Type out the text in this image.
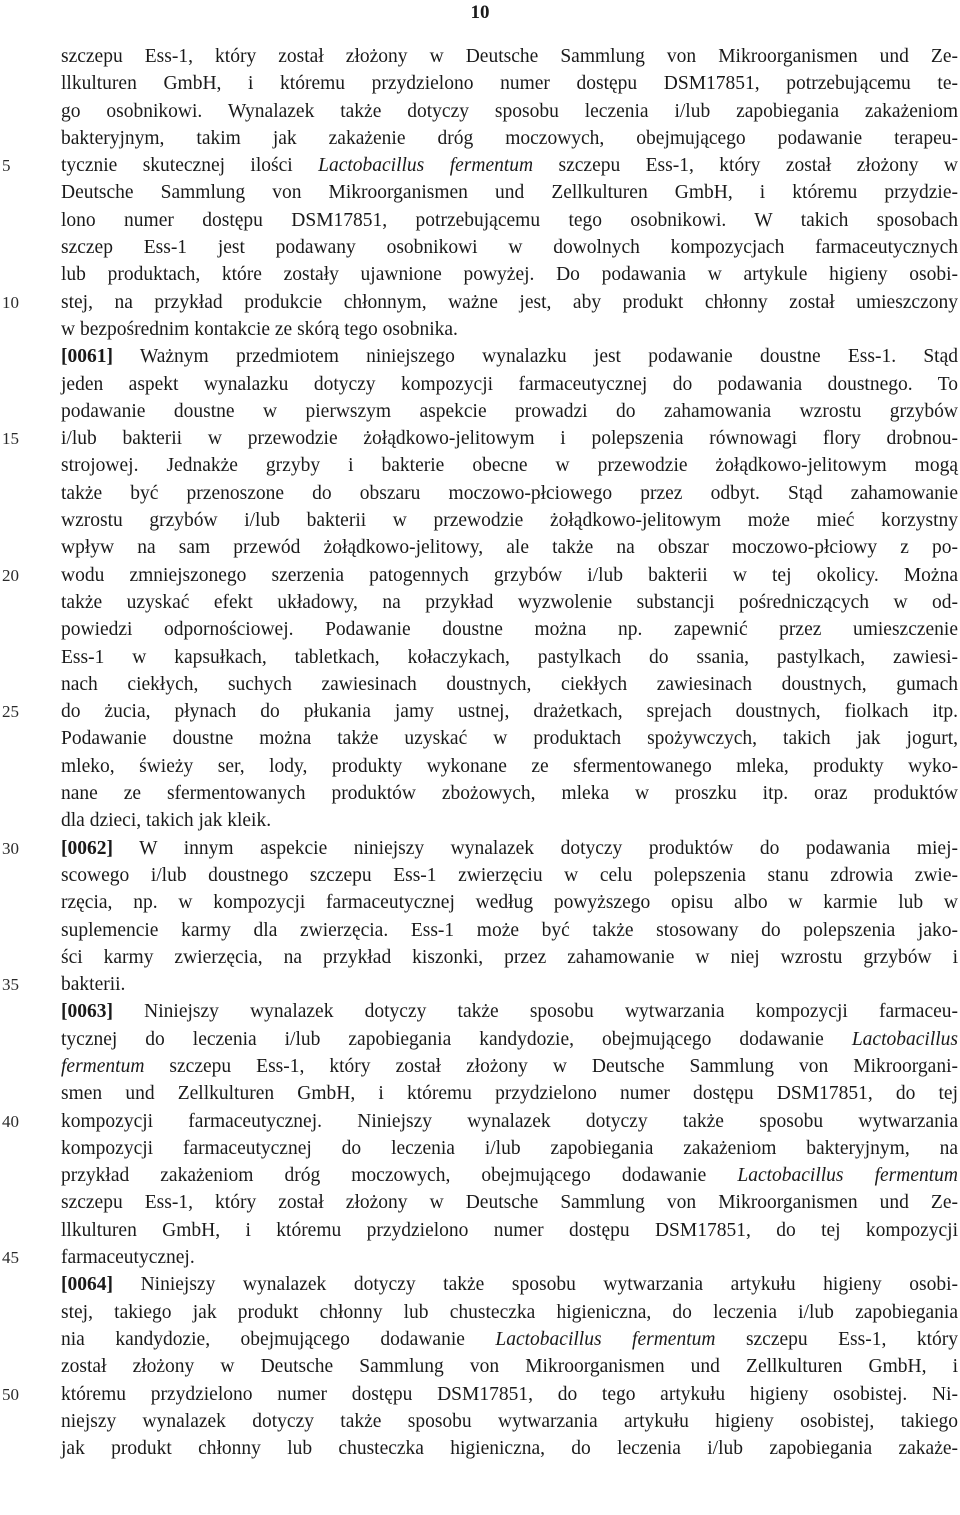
10
5
10
15
20
25
30
35
40
45
50
szczepu Ess-1, który został złożony w Deutsche Sammlung von Mikroorganismen und Ze-
llkulturen GmbH, i któremu przydzielono numer dostępu DSM17851, potrzebującemu te-
go osobnikowi. Wynalazek także dotyczy sposobu leczenia i/lub zapobiegania zakażeniom
bakteryjnym, takim jak zakażenie dróg moczowych, obejmującego podawanie terapeu-
tycznie skutecznej ilości Lactobacillus fermentum szczepu Ess-1, który został złożony w
Deutsche Sammlung von Mikroorganismen und Zellkulturen GmbH, i któremu przydzie-
lono numer dostępu DSM17851, potrzebującemu tego osobnikowi. W takich sposobach
szczep Ess-1 jest podawany osobnikowi w dowolnych kompozycjach farmaceutycznych
lub produktach, które zostały ujawnione powyżej. Do podawania w artykule higieny osobi-
stej, na przykład produkcie chłonnym, ważne jest, aby produkt chłonny został umieszczony
w bezpośrednim kontakcie ze skórą tego osobnika.
[0061] Ważnym przedmiotem niniejszego wynalazku jest podawanie doustne Ess-1. Stąd
jeden aspekt wynalazku dotyczy kompozycji farmaceutycznej do podawania doustnego. To
podawanie doustne w pierwszym aspekcie prowadzi do zahamowania wzrostu grzybów
i/lub bakterii w przewodzie żołądkowo-jelitowym i polepszenia równowagi flory drobnou-
strojowej. Jednakże grzyby i bakterie obecne w przewodzie żołądkowo-jelitowym mogą
także być przenoszone do obszaru moczowo-płciowego przez odbyt. Stąd zahamowanie
wzrostu grzybów i/lub bakterii w przewodzie żołądkowo-jelitowym może mieć korzystny
wpływ na sam przewód żołądkowo-jelitowy, ale także na obszar moczowo-płciowy z po-
wodu zmniejszonego szerzenia patogennych grzybów i/lub bakterii w tej okolicy. Można
także uzyskać efekt układowy, na przykład wyzwolenie substancji pośredniczących w od-
powiedzi odpornościowej. Podawanie doustne można np. zapewnić przez umieszczenie
Ess-1 w kapsułkach, tabletkach, kołaczykach, pastylkach do ssania, pastylkach, zawiesi-
nach ciekłych, suchych zawiesinach doustnych, ciekłych zawiesinach doustnych, gumach
do żucia, płynach do płukania jamy ustnej, drażetkach, sprejach doustnych, fiolkach itp.
Podawanie doustne można także uzyskać w produktach spożywczych, takich jak jogurt,
mleko, świeży ser, lody, produkty wykonane ze sfermentowanego mleka, produkty wyko-
nane ze sfermentowanych produktów zbożowych, mleka w proszku itp. oraz produktów
dla dzieci, takich jak kleik.
[0062] W innym aspekcie niniejszy wynalazek dotyczy produktów do podawania miej-
scowego i/lub doustnego szczepu Ess-1 zwierzęciu w celu polepszenia stanu zdrowia zwie-
rzęcia, np. w kompozycji farmaceutycznej według powyższego opisu albo w karmie lub w
suplemencie karmy dla zwierzęcia. Ess-1 może być także stosowany do polepszenia jako-
ści karmy zwierzęcia, na przykład kiszonki, przez zahamowanie w niej wzrostu grzybów i
bakterii.
[0063] Niniejszy wynalazek dotyczy także sposobu wytwarzania kompozycji farmaceu-
tycznej do leczenia i/lub zapobiegania kandydozie, obejmującego dodawanie Lactobacillus
fermentum szczepu Ess-1, który został złożony w Deutsche Sammlung von Mikroorgani-
smen und Zellkulturen GmbH, i któremu przydzielono numer dostępu DSM17851, do tej
kompozycji farmaceutycznej. Niniejszy wynalazek dotyczy także sposobu wytwarzania
kompozycji farmaceutycznej do leczenia i/lub zapobiegania zakażeniom bakteryjnym, na
przykład zakażeniom dróg moczowych, obejmującego dodawanie Lactobacillus fermentum
szczepu Ess-1, który został złożony w Deutsche Sammlung von Mikroorganismen und Ze-
llkulturen GmbH, i któremu przydzielono numer dostępu DSM17851, do tej kompozycji
farmaceutycznej.
[0064] Niniejszy wynalazek dotyczy także sposobu wytwarzania artykułu higieny osobi-
stej, takiego jak produkt chłonny lub chusteczka higieniczna, do leczenia i/lub zapobiegania
nia kandydozie, obejmującego dodawanie Lactobacillus fermentum szczepu Ess-1, który
został złożony w Deutsche Sammlung von Mikroorganismen und Zellkulturen GmbH, i
któremu przydzielono numer dostępu DSM17851, do tego artykułu higieny osobistej. Ni-
niejszy wynalazek dotyczy także sposobu wytwarzania artykułu higieny osobistej, takiego
jak produkt chłonny lub chusteczka higieniczna, do leczenia i/lub zapobiegania zakaże-
